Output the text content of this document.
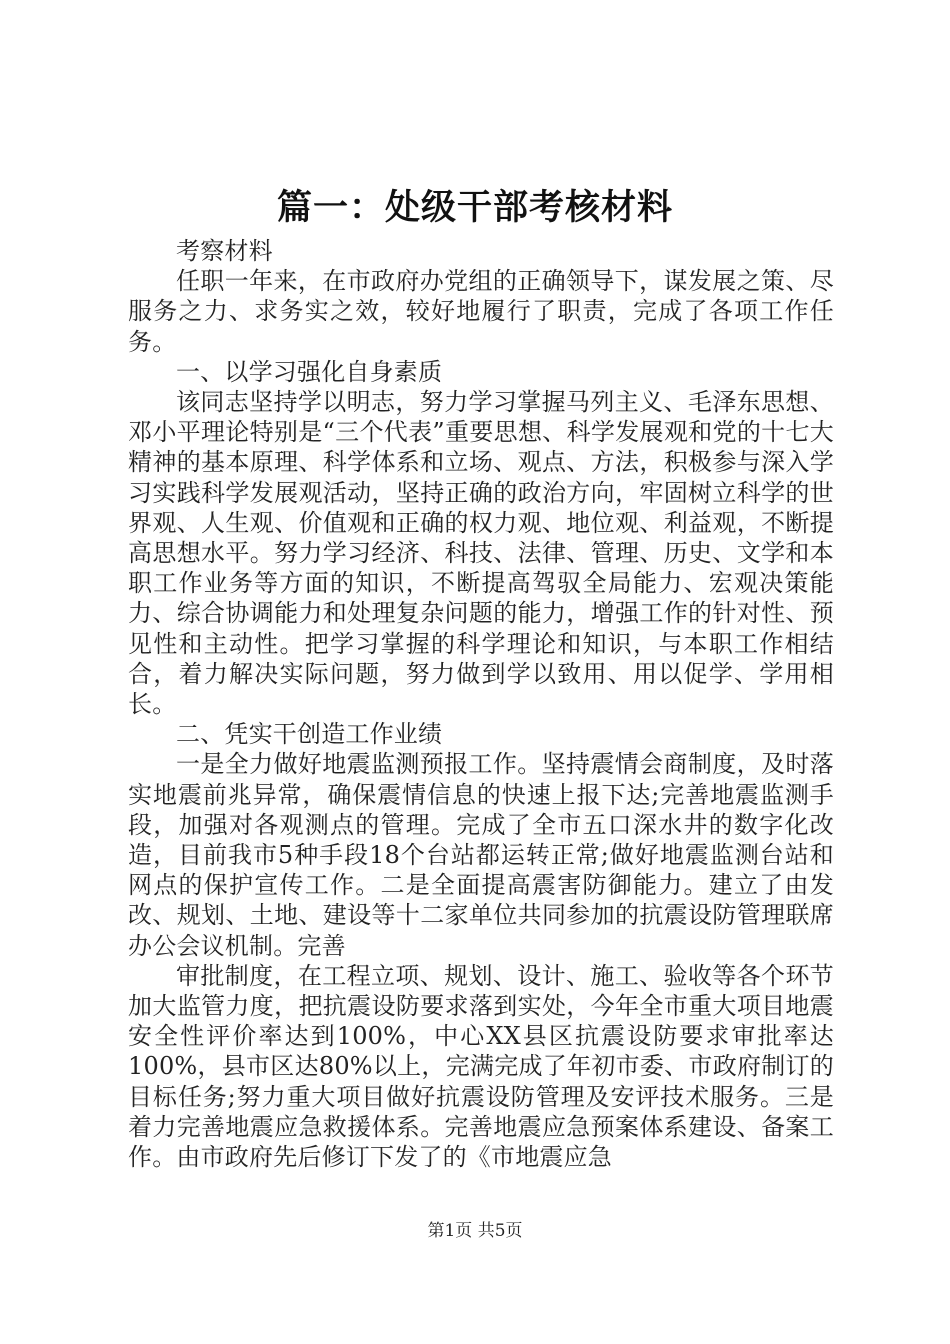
篇一：处级干部考核材料

考察材料

任职一年来，在市政府办党组的正确领导下，谋发展之策、尽服务之力、求务实之效，较好地履行了职责，完成了各项工作任务。

一、以学习强化自身素质

该同志坚持学以明志，努力学习掌握马列主义、毛泽东思想、邓小平理论特别是“三个代表”重要思想、科学发展观和党的十七大精神的基本原理、科学体系和立场、观点、方法，积极参与深入学习实践科学发展观活动，坚持正确的政治方向，牢固树立科学的世界观、人生观、价值观和正确的权力观、地位观、利益观，不断提高思想水平。努力学习经济、科技、法律、管理、历史、文学和本职工作业务等方面的知识，不断提高驾驭全局能力、宏观决策能力、综合协调能力和处理复杂问题的能力，增强工作的针对性、预见性和主动性。把学习掌握的科学理论和知识，与本职工作相结合，着力解决实际问题，努力做到学以致用、用以促学、学用相长。

二、凭实干创造工作业绩

一是全力做好地震监测预报工作。坚持震情会商制度，及时落实地震前兆异常，确保震情信息的快速上报下达;完善地震监测手段，加强对各观测点的管理。完成了全市五口深水井的数字化改造，目前我市5种手段18个台站都运转正常;做好地震监测台站和网点的保护宣传工作。二是全面提高震害防御能力。建立了由发改、规划、土地、建设等十二家单位共同参加的抗震设防管理联席办公会议机制。完善

审批制度，在工程立项、规划、设计、施工、验收等各个环节加大监管力度，把抗震设防要求落到实处，今年全市重大项目地震安全性评价率达到100%，中心XX县区抗震设防要求审批率达100%，县市区达80%以上，完满完成了年初市委、市政府制订的目标任务;努力重大项目做好抗震设防管理及安评技术服务。三是着力完善地震应急救援体系。完善地震应急预案体系建设、备案工作。由市政府先后修订下发了的《市地震应急

第1页 共5页
